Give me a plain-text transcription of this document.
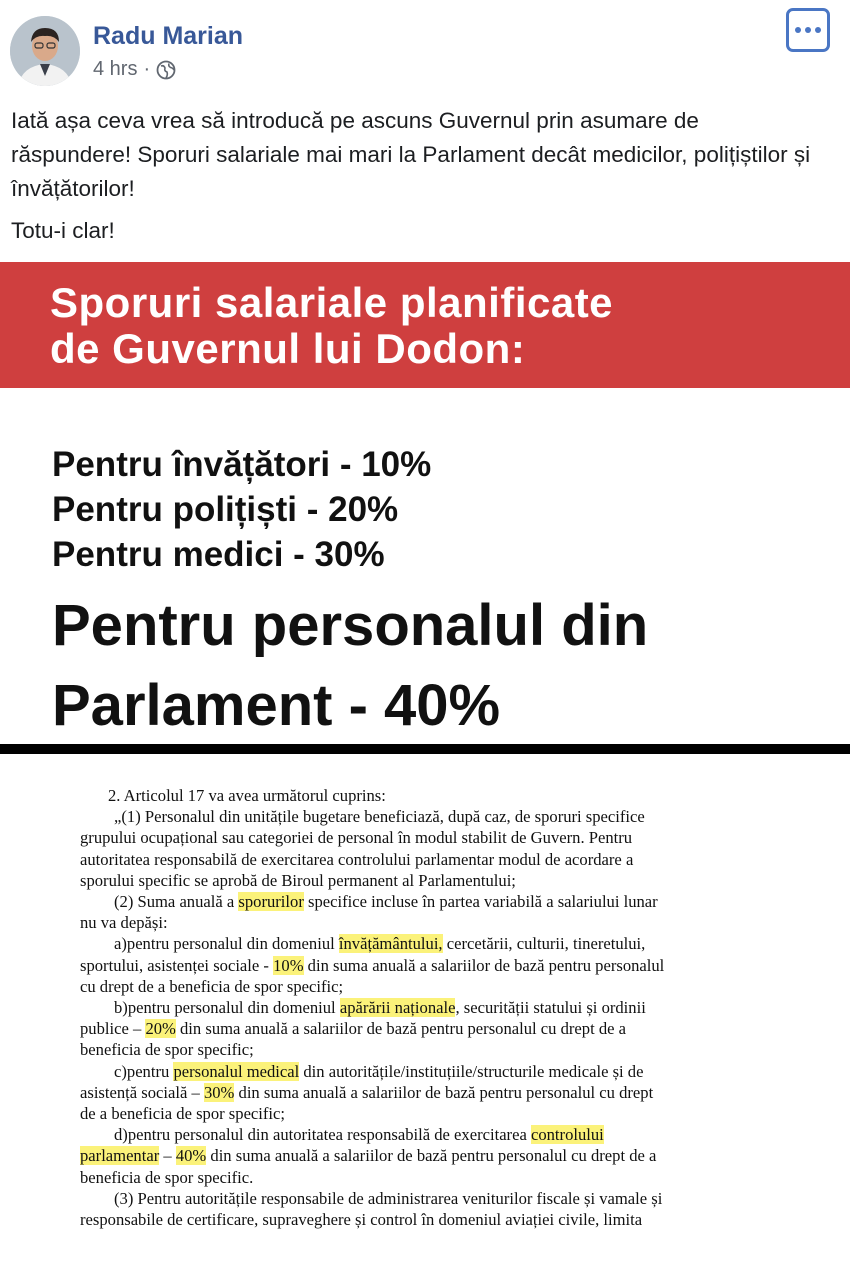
Radu Marian
4 hrs ·

Iată așa ceva vrea să introducă pe ascuns Guvernul prin asumare de răspundere! Sporuri salariale mai mari la Parlament decât medicilor, polițiștilor și învățătorilor!

Totu-i clar!

Sporuri salariale planificate
de Guvernul lui Dodon:
Pentru învățători - 10%
Pentru polițiști - 20%
Pentru medici - 30%
Pentru personalul din
Parlament - 40%
2. Articolul 17 va avea următorul cuprins:
„(1) Personalul din unitățile bugetare beneficiază, după caz, de sporuri specifice
grupului ocupațional sau categoriei de personal în modul stabilit de Guvern. Pentru
autoritatea responsabilă de exercitarea controlului parlamentar modul de acordare a
sporului specific se aprobă de Biroul permanent al Parlamentului;
(2) Suma anuală a sporurilor specifice incluse în partea variabilă a salariului lunar
nu va depăși:
a)pentru personalul din domeniul învățământului, cercetării, culturii, tineretului,
sportului, asistenței sociale - 10% din suma anuală a salariilor de bază pentru personalul
cu drept de a beneficia de spor specific;
b)pentru personalul din domeniul apărării naționale, securității statului și ordinii
publice – 20% din suma anuală a salariilor de bază pentru personalul cu drept de a
beneficia de spor specific;
c)pentru personalul medical din autoritățile/instituțiile/structurile medicale și de
asistență socială – 30% din suma anuală a salariilor de bază pentru personalul cu drept
de a beneficia de spor specific;
d)pentru personalul din autoritatea responsabilă de exercitarea controlului
parlamentar – 40% din suma anuală a salariilor de bază pentru personalul cu drept de a
beneficia de spor specific.
(3) Pentru autoritățile responsabile de administrarea veniturilor fiscale și vamale și
responsabile de certificare, supraveghere și control în domeniul aviației civile, limita
